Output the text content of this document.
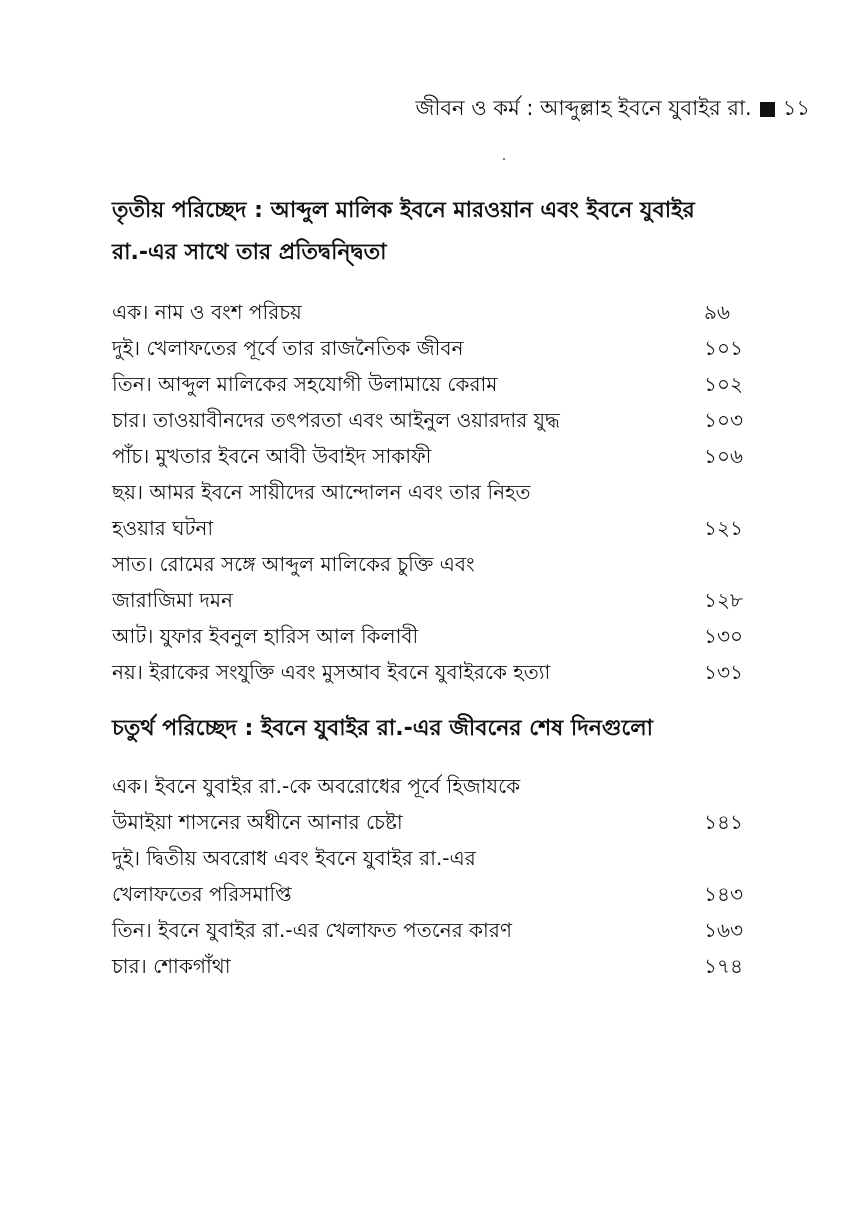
জীবন ও কর্ম : আব্দুল্লাহ ইবনে যুবাইর রা. ১১
তৃতীয় পরিচ্ছেদ : আব্দুল মালিক ইবনে মারওয়ান এবং ইবনে যুবাইর
রা.-এর সাথে তার প্রতিদ্বন্দ্বিতা
এক। নাম ও বংশ পরিচয়	৯৬
দুই। খেলাফতের পূর্বে তার রাজনৈতিক জীবন	১০১
তিন। আব্দুল মালিকের সহযোগী উলামায়ে কেরাম	১০২
চার। তাওয়াবীনদের তৎপরতা এবং আইনুল ওয়ারদার যুদ্ধ	১০৩
পাঁচ। মুখতার ইবনে আবী উবাইদ সাকাফী	১০৬
ছয়। আমর ইবনে সায়ীদের আন্দোলন এবং তার নিহত
হওয়ার ঘটনা	১২১
সাত। রোমের সঙ্গে আব্দুল মালিকের চুক্তি এবং
জারাজিমা দমন	১২৮
আট। যুফার ইবনুল হারিস আল কিলাবী	১৩০
নয়। ইরাকের সংযুক্তি এবং মুসআব ইবনে যুবাইরকে হত্যা	১৩১
চতুর্থ পরিচ্ছেদ : ইবনে যুবাইর রা.-এর জীবনের শেষ দিনগুলো
এক। ইবনে যুবাইর রা.-কে অবরোধের পূর্বে হিজাযকে
উমাইয়া শাসনের অধীনে আনার চেষ্টা	১৪১
দুই। দ্বিতীয় অবরোধ এবং ইবনে যুবাইর রা.-এর
খেলাফতের পরিসমাপ্তি	১৪৩
তিন। ইবনে যুবাইর রা.-এর খেলাফত পতনের কারণ	১৬৩
চার। শোকগাঁথা	১৭৪
